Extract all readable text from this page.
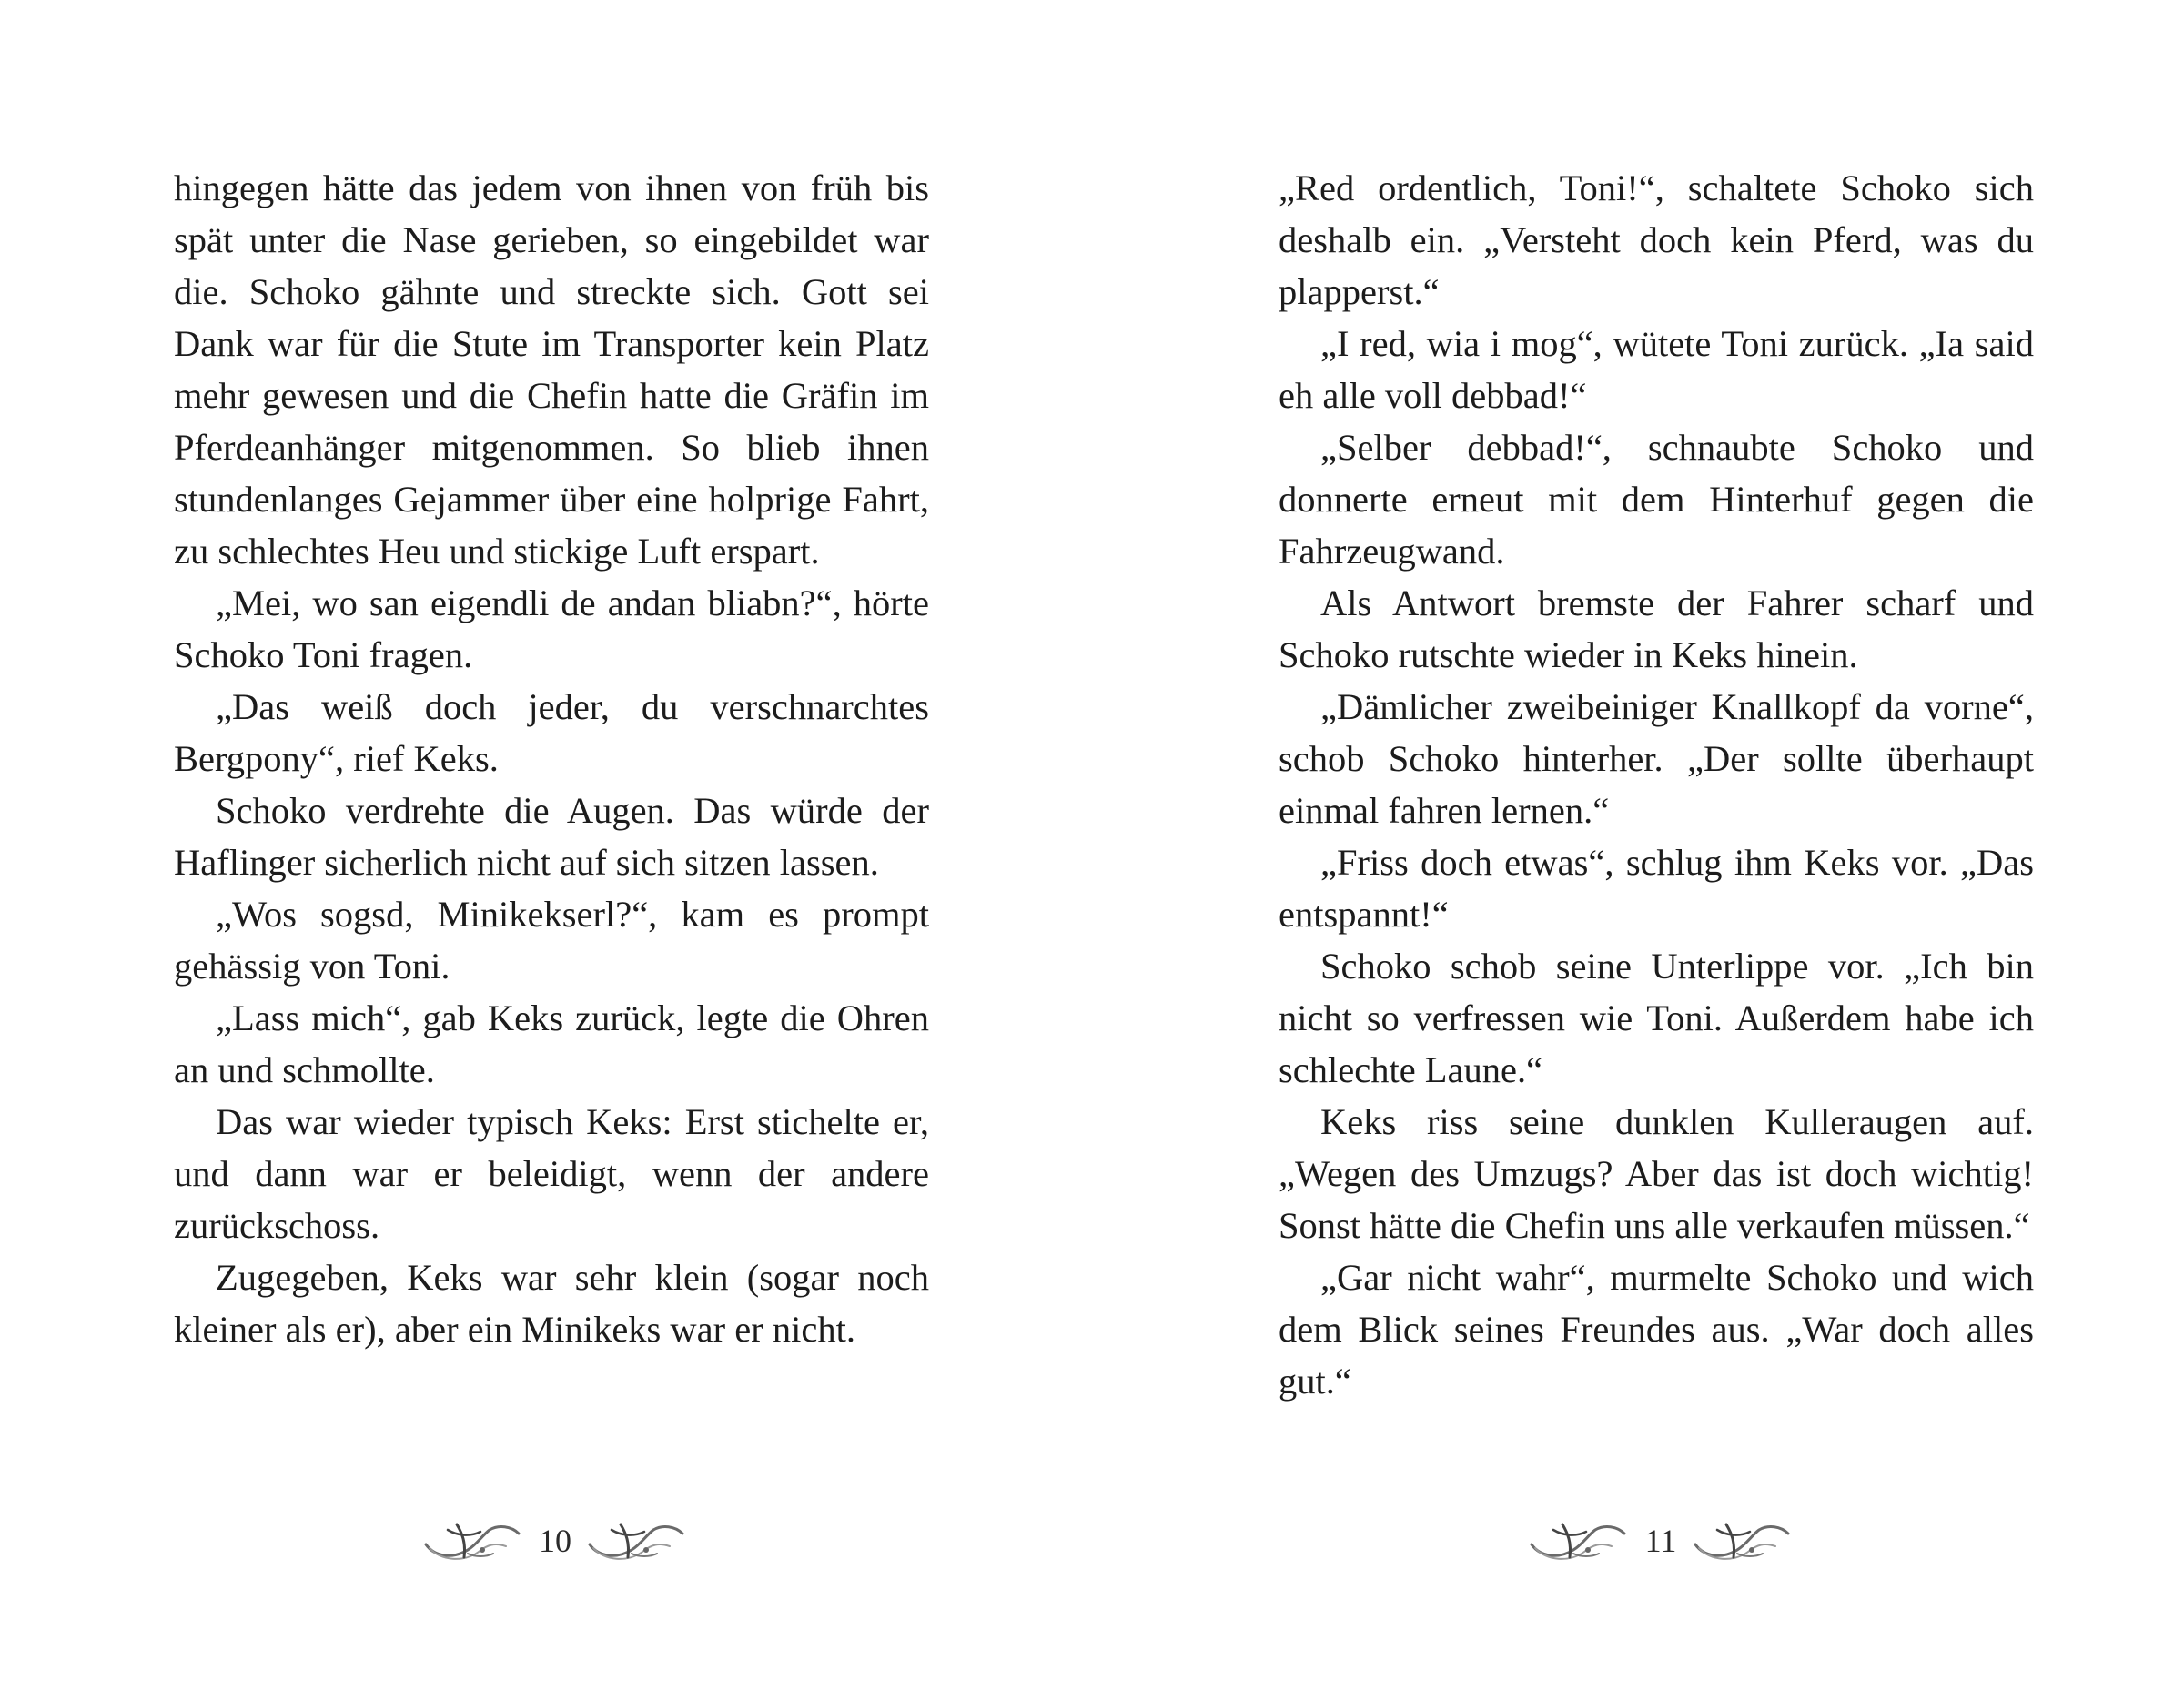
hingegen hätte das jedem von ihnen von früh bis spät unter die Nase gerieben, so eingebildet war die. Schoko gähnte und streckte sich. Gott sei Dank war für die Stute im Transporter kein Platz mehr gewesen und die Chefin hatte die Gräfin im Pferdeanhänger mitgenommen. So blieb ihnen stundenlanges Gejammer über eine holprige Fahrt, zu schlechtes Heu und stickige Luft erspart.

„Mei, wo san eigendli de andan bliabn?“, hörte Schoko Toni fragen.

„Das weiß doch jeder, du verschnarchtes Bergpony“, rief Keks.

Schoko verdrehte die Augen. Das würde der Haflinger sicherlich nicht auf sich sitzen lassen.

„Wos sogsd, Minikekserl?“, kam es prompt gehässig von Toni.

„Lass mich“, gab Keks zurück, legte die Ohren an und schmollte.

Das war wieder typisch Keks: Erst stichelte er, und dann war er beleidigt, wenn der andere zurückschoss.

Zugegeben, Keks war sehr klein (sogar noch kleiner als er), aber ein Minikeks war er nicht.

10

„Red ordentlich, Toni!“, schaltete Schoko sich deshalb ein. „Versteht doch kein Pferd, was du plapperst.“

„I red, wia i mog“, wütete Toni zurück. „Ia said eh alle voll debbad!“

„Selber debbad!“, schnaubte Schoko und donnerte erneut mit dem Hinterhuf gegen die Fahrzeugwand.

Als Antwort bremste der Fahrer scharf und Schoko rutschte wieder in Keks hinein.

„Dämlicher zweibeiniger Knallkopf da vorne“, schob Schoko hinterher. „Der sollte überhaupt einmal fahren lernen.“

„Friss doch etwas“, schlug ihm Keks vor. „Das entspannt!“

Schoko schob seine Unterlippe vor. „Ich bin nicht so verfressen wie Toni. Außerdem habe ich schlechte Laune.“

Keks riss seine dunklen Kulleraugen auf. „Wegen des Umzugs? Aber das ist doch wichtig! Sonst hätte die Chefin uns alle verkaufen müssen.“

„Gar nicht wahr“, murmelte Schoko und wich dem Blick seines Freundes aus. „War doch alles gut.“

11
